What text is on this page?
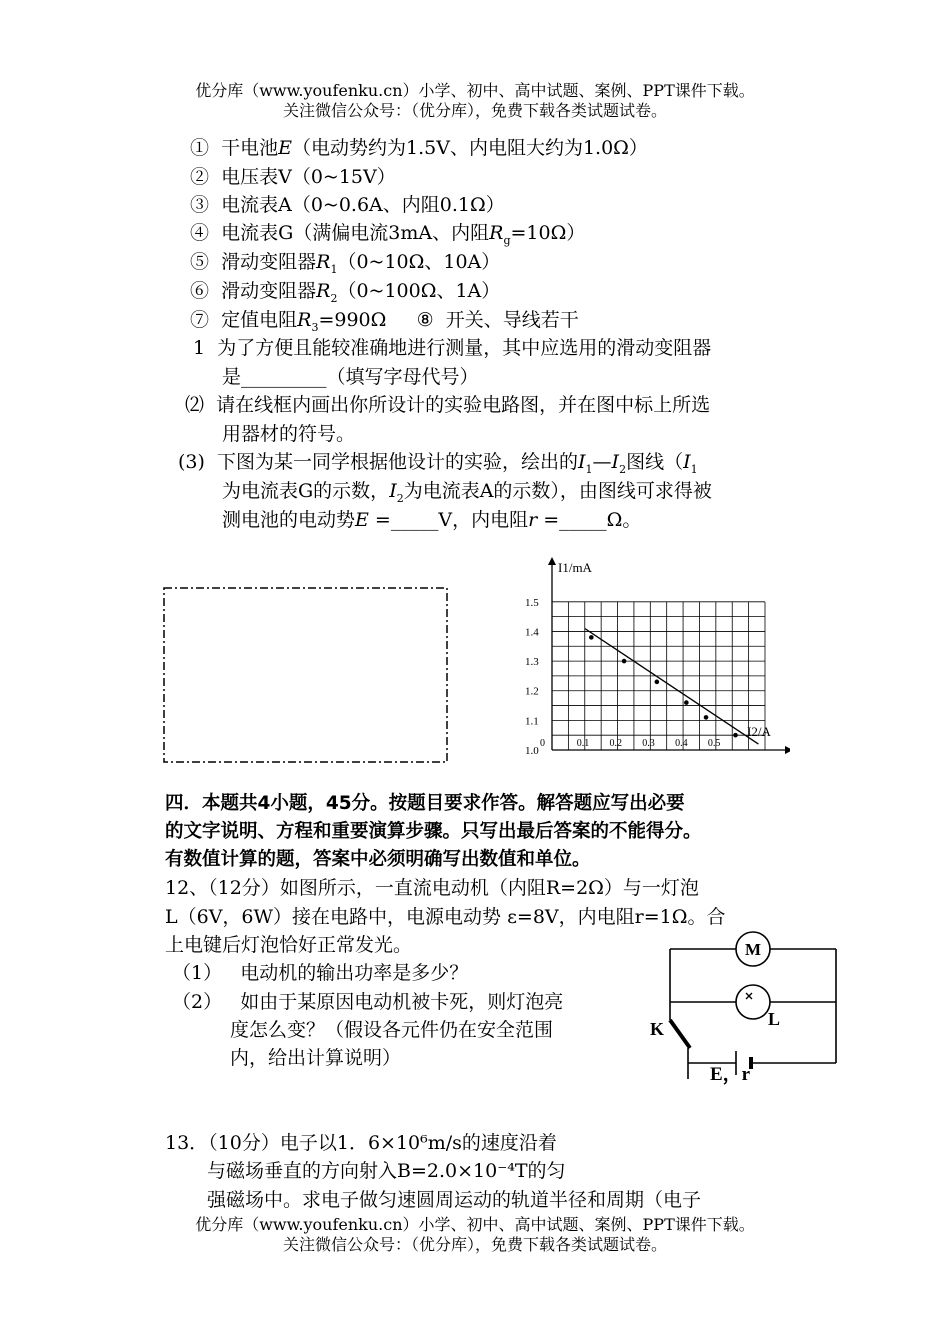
优分库（www.youfenku.cn）小学、初中、高中试题、案例、PPT课件下载。
关注微信公众号：（优分库），免费下载各类试题试卷。
① 干电池E（电动势约为1.5V、内电阻大约为1.0Ω）
② 电压表V（0~15V）
③ 电流表A（0~0.6A、内阻0.1Ω）
④ 电流表G（满偏电流3mA、内阻$R_g=10\Omega$）
⑤ 滑动变阻器$R_1(0\sim 10\Omega$、10A）
⑥ 滑动变阻器$R_2(0\sim 100\Omega$、1A）
⑦ 定值电阻$R_3=990\Omega$ ⑧ 开关、导线若干
1 为了方便且能较准确地进行测量，其中应选用的滑动变阻器
是_________（填写字母代号）
⑵ 请在线框内画出你所设计的实验电路图，并在图中标上所选
用器材的符号。
(3) 下图为某一同学根据他设计的实验，绘出的$I_1—I_2$图线（$I_1$
为电流表G的示数，$I_2$为电流表A的示数），由图线可求得被
测电池的电动势E =_____V，内电阻r =_____Ω。
I1/mA
I2/A
1.0
1.1
1.2
1.3
1.4
1.5
0	0.1 0.2 0.3 0.4 0.5
四．本题共4小题，45分。按题目要求作答。解答题应写出必要
的文字说明、方程和重要演算步骤。只写出最后答案的不能得分。
有数值计算的题，答案中必须明确写出数值和单位。
12、（12分）如图所示，一直流电动机（内阻R=2Ω）与一灯泡
L（6V，6W）接在电路中，电源电动势 ε=8V，内电阻r=1Ω。合
上电键后灯泡恰好正常发光。
（1） 电动机的输出功率是多少？
（2） 如由于某原因电动机被卡死，则灯泡亮
度怎么变？（假设各元件仍在安全范围
内，给出计算说明）
M
L
K
E，r
13．（10分）电子以1．6×10⁶m/s的速度沿着
与磁场垂直的方向射入B=2.0×10⁻⁴T的匀
强磁场中。求电子做匀速圆周运动的轨道半径和周期（电子
优分库（www.youfenku.cn）小学、初中、高中试题、案例、PPT课件下载。
关注微信公众号：（优分库），免费下载各类试题试卷。
